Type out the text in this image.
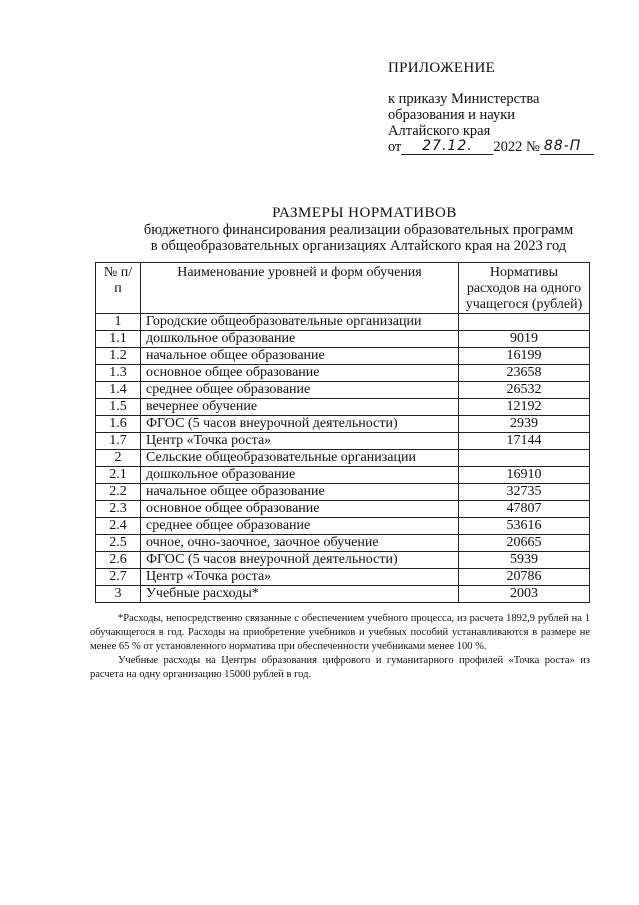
ПРИЛОЖЕНИЕ
к приказу Министерства
образования и науки
Алтайского края
от	27.12.	2022 № 88-П
РАЗМЕРЫ НОРМАТИВОВ
бюджетного финансирования реализации образовательных программ
в общеобразовательных организациях Алтайского края на 2023 год
№ п/п	Наименование уровней и форм обучения	Нормативы расходов на одного учащегося (рублей)
1	Городские общеобразовательные организации	
1.1	дошкольное образование	9019
1.2	начальное общее образование	16199
1.3	основное общее образование	23658
1.4	среднее общее образование	26532
1.5	вечернее обучение	12192
1.6	ФГОС (5 часов внеурочной деятельности)	2939
1.7	Центр «Точка роста»	17144
2	Сельские общеобразовательные организации	
2.1	дошкольное образование	16910
2.2	начальное общее образование	32735
2.3	основное общее образование	47807
2.4	среднее общее образование	53616
2.5	очное, очно-заочное, заочное обучение	20665
2.6	ФГОС (5 часов внеурочной деятельности)	5939
2.7	Центр «Точка роста»	20786
3	Учебные расходы*	2003

*Расходы, непосредственно связанные с обеспечением учебного процесса, из расчета 1892,9 рублей на 1 обучающегося в год. Расходы на приобретение учебников и учебных пособий устанавливаются в размере не менее 65 % от установленного норматива при обеспеченности учебниками менее 100 %.

Учебные расходы на Центры образования цифрового и гуманитарного профилей «Точка роста» из расчета на одну организацию 15000 рублей в год.
